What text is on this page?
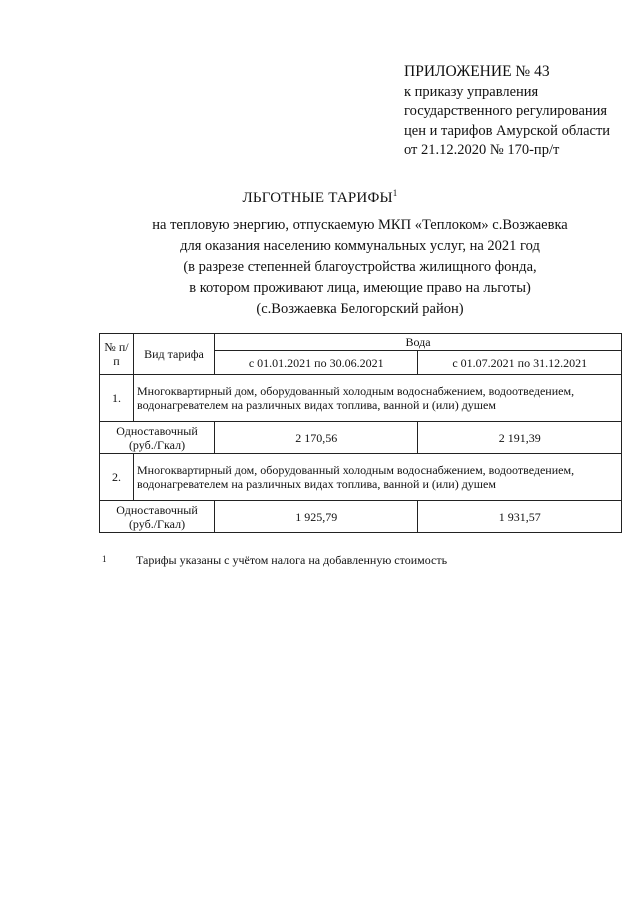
ПРИЛОЖЕНИЕ № 43
к приказу управления
государственного регулирования
цен и тарифов Амурской области
от 21.12.2020 № 170-пр/т
ЛЬГОТНЫЕ ТАРИФЫ$^1$
на тепловую энергию, отпускаемую МКП «Теплоком» с.Возжаевка
для оказания населению коммунальных услуг, на 2021 год
(в разрезе степенней благоустройства жилищного фонда,
в котором проживают лица, имеющие право на льготы)
(с.Возжаевка Белогорский район)
№ п/п	Вид тарифа	Вода	
		с 01.01.2021 по 30.06.2021	с 01.07.2021 по 31.12.2021
1.	Многоквартирный дом, оборудованный холодным водоснабжением, водоотведением, водонагревателем на различных видах топлива, ванной и (или) душем		
Одноставочный (руб./Гкал)		2 170,56	2 191,39
2.	Многоквартирный дом, оборудованный холодным водоснабжением, водоотведением, водонагревателем на различных видах топлива, ванной и (или) душем		
Одноставочный (руб./Гкал)		1 925,79	1 931,57
1 Тарифы указаны с учётом налога на добавленную стоимость
